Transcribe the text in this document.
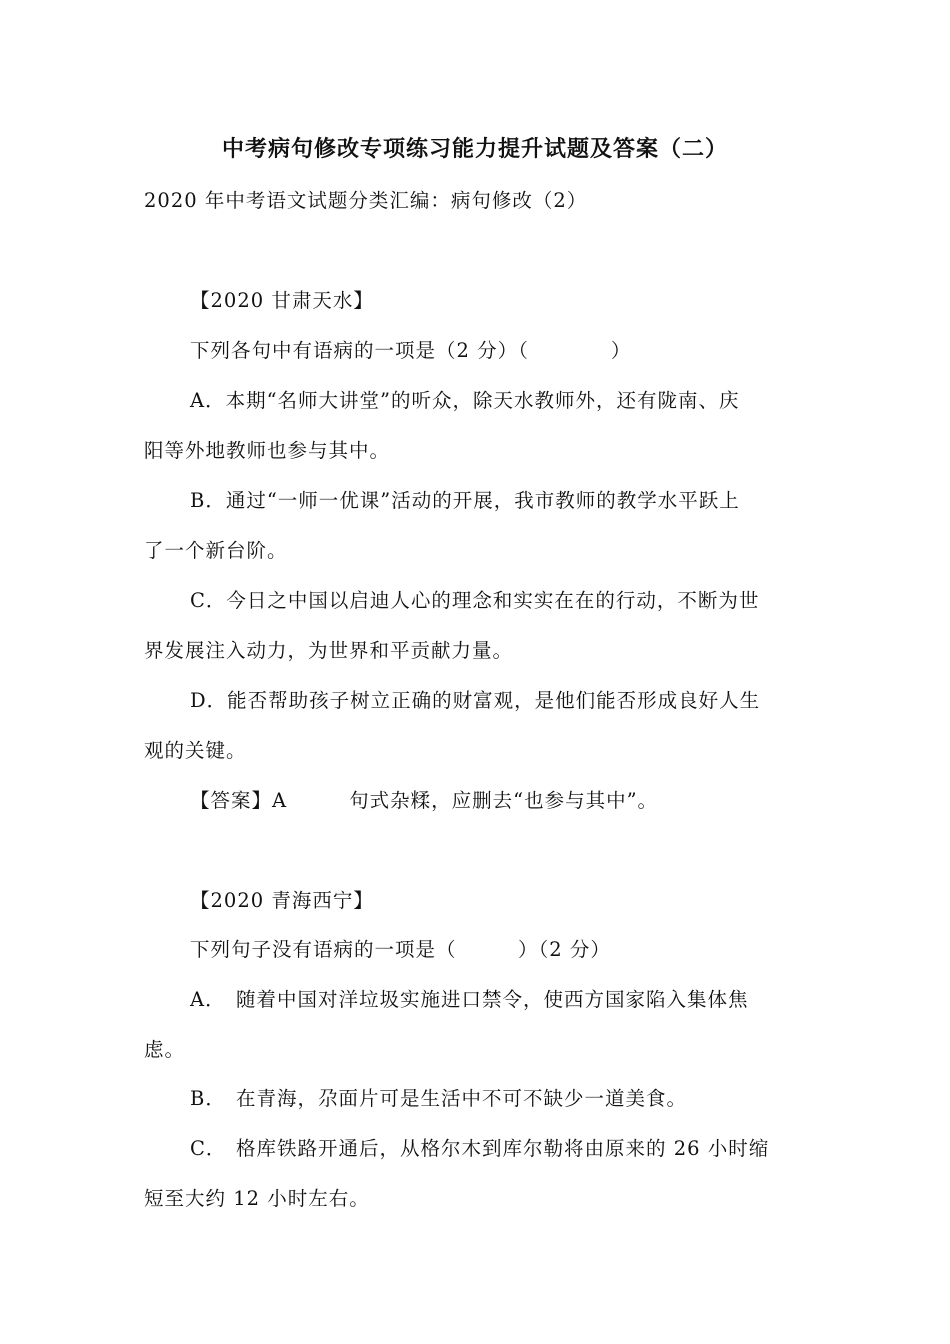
中考病句修改专项练习能力提升试题及答案（二）
2020 年中考语文试题分类汇编：病句修改（2）
【2020 甘肃天水】
下列各句中有语病的一项是（2 分）（　　　　）
A．本期“名师大讲堂”的听众，除天水教师外，还有陇南、庆
阳等外地教师也参与其中。
B．通过“一师一优课”活动的开展，我市教师的教学水平跃上
了一个新台阶。
C．今日之中国以启迪人心的理念和实实在在的行动，不断为世
界发展注入动力，为世界和平贡献力量。
D．能否帮助孩子树立正确的财富观，是他们能否形成良好人生
观的关键。
【答案】A	句式杂糅，应删去“也参与其中”。
【2020 青海西宁】
下列句子没有语病的一项是（　　　）（2 分）
A． 随着中国对洋垃圾实施进口禁令，使西方国家陷入集体焦
虑。
B． 在青海，尕面片可是生活中不可不缺少一道美食。
C． 格库铁路开通后，从格尔木到库尔勒将由原来的 26 小时缩
短至大约 12 小时左右。
